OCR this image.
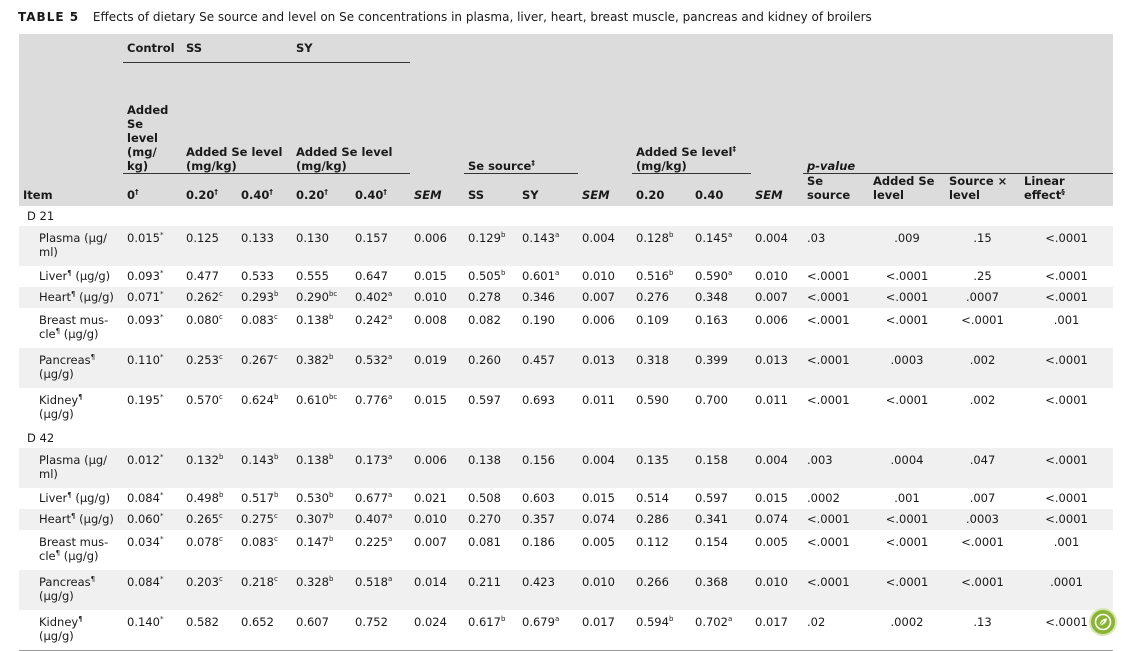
TABLE 5 Effects of dietary Se source and level on Se concentrations in plasma, liver, heart, breast muscle, pancreas and kidney of broilers
	Control	SS		SY												
	Added Se level (mg/ kg)	Added Se level (mg/kg)		Added Se level (mg/kg)			Se source‡			Added Se level‡
(mg/kg)			p-value			
Item	0†	0.20†	0.40†	0.20†	0.40†	SEM	SS	SY	SEM	0.20	0.40	SEM	Se source	Added Se level	Source × level	Linear effect§
D 21																
Plasma (μg/ ml)	0.015*	0.125	0.133	0.130	0.157	0.006	0.129$^b$	0.143$^a$	0.004	0.128$^b$	0.145$^a$	0.004	.03	.009	.15	<.0001
Liver¶ (μg/g)	0.093*	0.477	0.533	0.555	0.647	0.015	0.505$^b$	0.601$^a$	0.010	0.516$^b$	0.590$^a$	0.010	<.0001	<.0001	.25	<.0001
Heart¶ (μg/g)	0.071*	0.262$^c$	0.293$^b$	0.290$^{bc}$	0.402$^a$	0.010	0.278	0.346	0.007	0.276	0.348	0.007	<.0001	<.0001	.0007	<.0001
Breast mus- cle¶ (μg/g)	0.093*	0.080$^c$	0.083$^c$	0.138$^b$	0.242$^a$	0.008	0.082	0.190	0.006	0.109	0.163	0.006	<.0001	<.0001	<.0001	.001
Pancreas¶ (μg/g)	0.110*	0.253$^c$	0.267$^c$	0.382$^b$	0.532$^a$	0.019	0.260	0.457	0.013	0.318	0.399	0.013	<.0001	.0003	.002	<.0001
Kidney¶ (μg/g)	0.195*	0.570$^c$	0.624$^b$	0.610$^{bc}$	0.776$^a$	0.015	0.597	0.693	0.011	0.590	0.700	0.011	<.0001	<.0001	.002	<.0001
D 42																
Plasma (μg/ ml)	0.012*	0.132$^b$	0.143$^b$	0.138$^b$	0.173$^a$	0.006	0.138	0.156	0.004	0.135	0.158	0.004	.003	.0004	.047	<.0001
Liver¶ (μg/g)	0.084*	0.498$^b$	0.517$^b$	0.530$^b$	0.677$^a$	0.021	0.508	0.603	0.015	0.514	0.597	0.015	.0002	.001	.007	<.0001
Heart¶ (μg/g)	0.060*	0.265$^c$	0.275$^c$	0.307$^b$	0.407$^a$	0.010	0.270	0.357	0.074	0.286	0.341	0.074	<.0001	<.0001	.0003	<.0001
Breast mus- cle¶ (μg/g)	0.034*	0.078$^c$	0.083$^c$	0.147$^b$	0.225$^a$	0.007	0.081	0.186	0.005	0.112	0.154	0.005	<.0001	<.0001	<.0001	.001
Pancreas¶ (μg/g)	0.084*	0.203$^c$	0.218$^c$	0.328$^b$	0.518$^a$	0.014	0.211	0.423	0.010	0.266	0.368	0.010	<.0001	<.0001	<.0001	.0001
Kidney¶ (μg/g)	0.140*	0.582	0.652	0.607	0.752	0.024	0.617$^b$	0.679$^a$	0.017	0.594$^b$	0.702$^a$	0.017	.02	.0002	.13	<.0001
